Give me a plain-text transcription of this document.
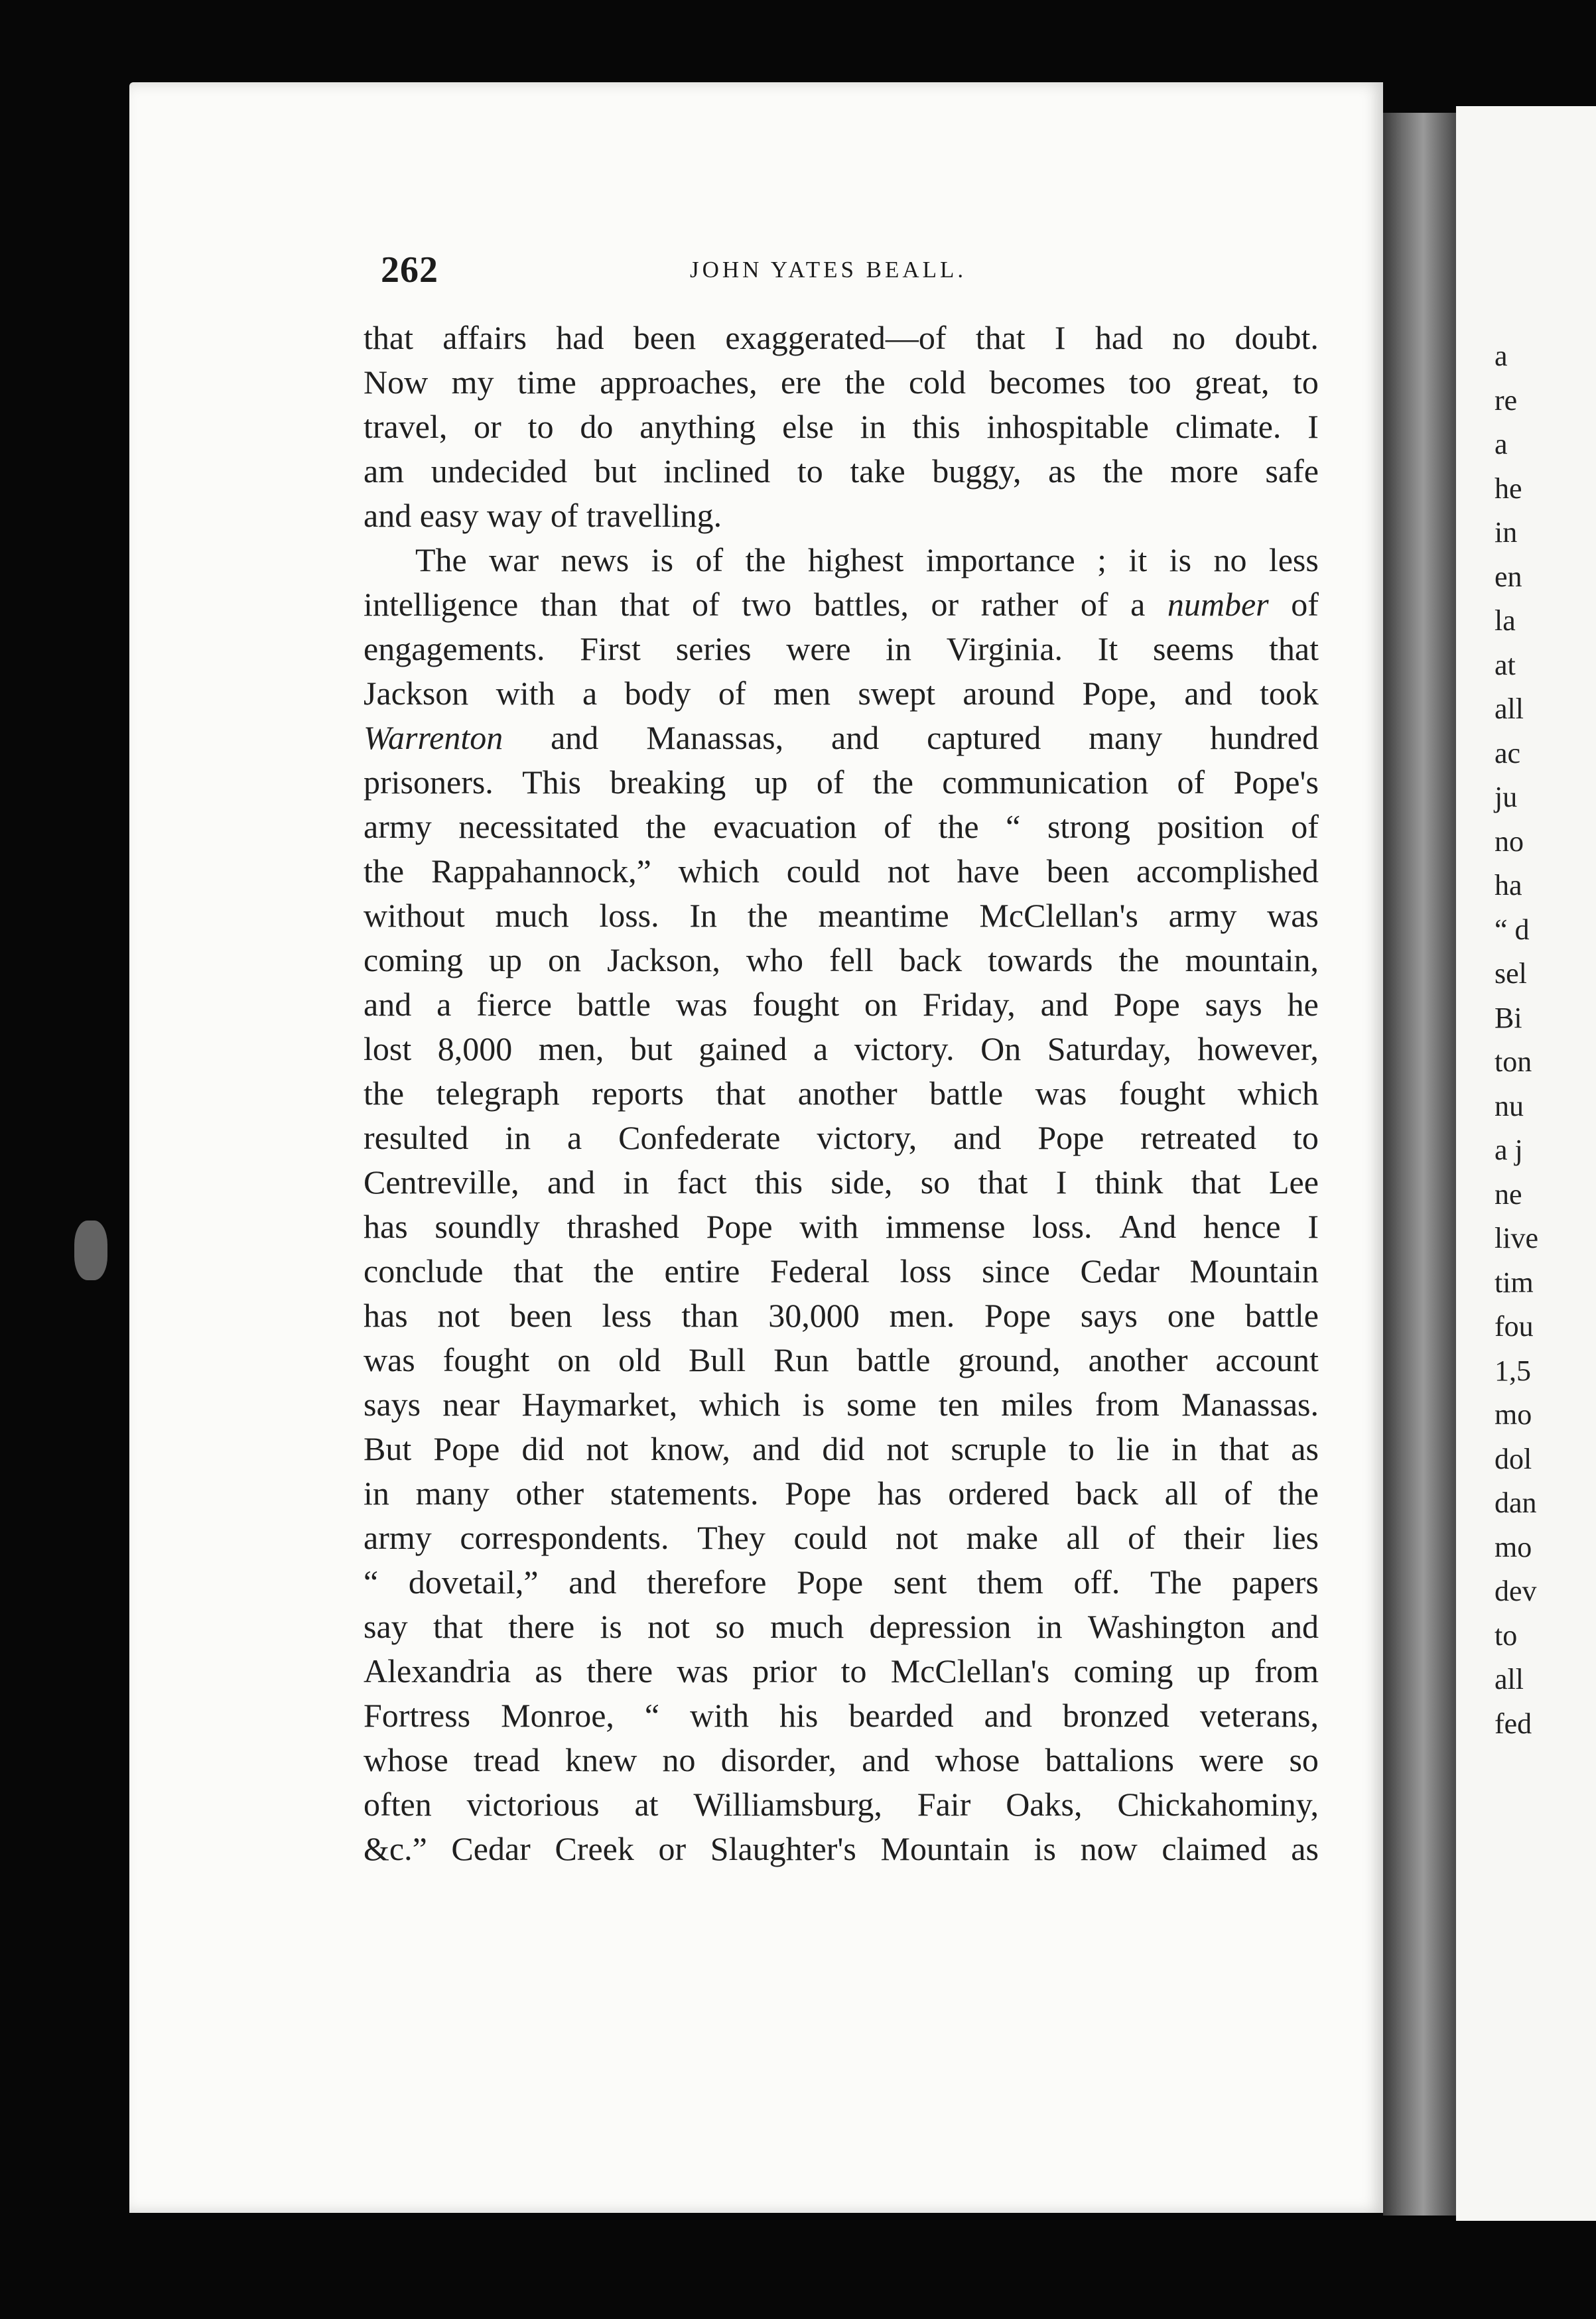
a
re
a
he
in
en
la
at
all
ac
ju
no
ha
“ d
sel
Bi
ton
nu
a j
ne
live
tim
fou
1,5
mo
dol
dan
mo
dev
to
all
fed
262	JOHN YATES BEALL.
that affairs had been exaggerated—of that I had no doubt.
Now my time approaches, ere the cold becomes too great, to
travel, or to do anything else in this inhospitable climate. I
am undecided but inclined to take buggy, as the more safe
and easy way of travelling.
The war news is of the highest importance ; it is no less
intelligence than that of two battles, or rather of a number of
engagements. First series were in Virginia. It seems that
Jackson with a body of men swept around Pope, and took
Warrenton and Manassas, and captured many hundred
prisoners. This breaking up of the communication of Pope's
army necessitated the evacuation of the “ strong position of
the Rappahannock,” which could not have been accomplished
without much loss. In the meantime McClellan's army was
coming up on Jackson, who fell back towards the mountain,
and a fierce battle was fought on Friday, and Pope says he
lost 8,000 men, but gained a victory. On Saturday, however,
the telegraph reports that another battle was fought which
resulted in a Confederate victory, and Pope retreated to
Centreville, and in fact this side, so that I think that Lee
has soundly thrashed Pope with immense loss. And hence I
conclude that the entire Federal loss since Cedar Mountain
has not been less than 30,000 men. Pope says one battle
was fought on old Bull Run battle ground, another account
says near Haymarket, which is some ten miles from Manassas.
But Pope did not know, and did not scruple to lie in that as
in many other statements. Pope has ordered back all of the
army correspondents. They could not make all of their lies
“ dovetail,” and therefore Pope sent them off. The papers
say that there is not so much depression in Washington and
Alexandria as there was prior to McClellan's coming up from
Fortress Monroe, “ with his bearded and bronzed veterans,
whose tread knew no disorder, and whose battalions were so
often victorious at Williamsburg, Fair Oaks, Chickahominy,
&c.” Cedar Creek or Slaughter's Mountain is now claimed as
